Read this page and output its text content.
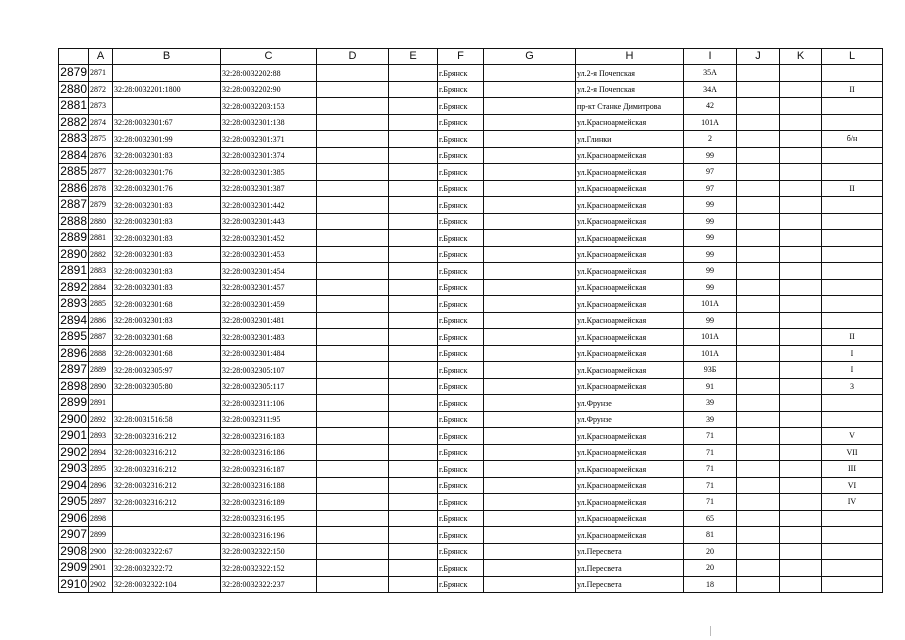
	A	B	C	D	E	F	G	H	I	J	K	L
2879	2871		32:28:0032202:88			г.Брянск		ул.2-я Почепская	35А			
2880	2872	32:28:0032201:1800	32:28:0032202:90			г.Брянск		ул.2-я Почепская	34А			II
2881	2873		32:28:0032203:153			г.Брянск		пр-кт Станке Димитрова	42			
2882	2874	32:28:0032301:67	32:28:0032301:138			г.Брянск		ул.Красноармейская	101А			
2883	2875	32:28:0032301:99	32:28:0032301:371			г.Брянск		ул.Глинки	2			б/н
2884	2876	32:28:0032301:83	32:28:0032301:374			г.Брянск		ул.Красноармейская	99			
2885	2877	32:28:0032301:76	32:28:0032301:385			г.Брянск		ул.Красноармейская	97			
2886	2878	32:28:0032301:76	32:28:0032301:387			г.Брянск		ул.Красноармейская	97			II
2887	2879	32:28:0032301:83	32:28:0032301:442			г.Брянск		ул.Красноармейская	99			
2888	2880	32:28:0032301:83	32:28:0032301:443			г.Брянск		ул.Красноармейская	99			
2889	2881	32:28:0032301:83	32:28:0032301:452			г.Брянск		ул.Красноармейская	99			
2890	2882	32:28:0032301:83	32:28:0032301:453			г.Брянск		ул.Красноармейская	99			
2891	2883	32:28:0032301:83	32:28:0032301:454			г.Брянск		ул.Красноармейская	99			
2892	2884	32:28:0032301:83	32:28:0032301:457			г.Брянск		ул.Красноармейская	99			
2893	2885	32:28:0032301:68	32:28:0032301:459			г.Брянск		ул.Красноармейская	101А			
2894	2886	32:28:0032301:83	32:28:0032301:481			г.Брянск		ул.Красноармейская	99			
2895	2887	32:28:0032301:68	32:28:0032301:483			г.Брянск		ул.Красноармейская	101А			II
2896	2888	32:28:0032301:68	32:28:0032301:484			г.Брянск		ул.Красноармейская	101А			I
2897	2889	32:28:0032305:97	32:28:0032305:107			г.Брянск		ул.Красноармейская	93Б			I
2898	2890	32:28:0032305:80	32:28:0032305:117			г.Брянск		ул.Красноармейская	91			3
2899	2891		32:28:0032311:106			г.Брянск		ул.Фрунзе	39			
2900	2892	32:28:0031516:58	32:28:0032311:95			г.Брянск		ул.Фрунзе	39			
2901	2893	32:28:0032316:212	32:28:0032316:183			г.Брянск		ул.Красноармейская	71			V
2902	2894	32:28:0032316:212	32:28:0032316:186			г.Брянск		ул.Красноармейская	71			VII
2903	2895	32:28:0032316:212	32:28:0032316:187			г.Брянск		ул.Красноармейская	71			III
2904	2896	32:28:0032316:212	32:28:0032316:188			г.Брянск		ул.Красноармейская	71			VI
2905	2897	32:28:0032316:212	32:28:0032316:189			г.Брянск		ул.Красноармейская	71			IV
2906	2898		32:28:0032316:195			г.Брянск		ул.Красноармейская	65			
2907	2899		32:28:0032316:196			г.Брянск		ул.Красноармейская	81			
2908	2900	32:28:0032322:67	32:28:0032322:150			г.Брянск		ул.Пересвета	20			
2909	2901	32:28:0032322:72	32:28:0032322:152			г.Брянск		ул.Пересвета	20			
2910	2902	32:28:0032322:104	32:28:0032322:237			г.Брянск		ул.Пересвета	18			
